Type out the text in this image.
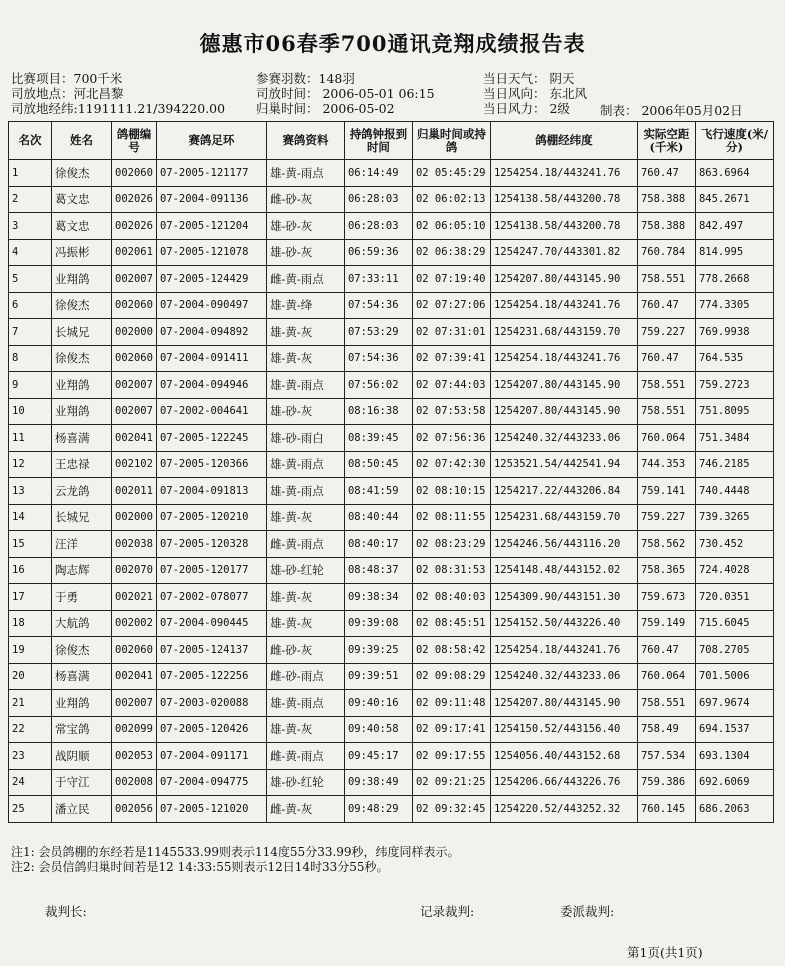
德惠市06春季700通讯竞翔成绩报告表
比赛项目：700千米
司放地点：河北昌黎
司放地经纬:1191111.21/394220.00
参赛羽数：148羽
司放时间： 2006-05-01 06:15
归巢时间： 2006-05-02
当日天气： 阴天
当日风向： 东北风
当日风力： 2级	制表： 2006年05月02日
名次	姓名	鸽棚编号	赛鸽足环	赛鸽资料	持鸽钟报到时间	归巢时间或持鸽	鸽棚经纬度	实际空距(千米)	飞行速度(米/分)
1	徐俊杰	002060	07-2005-121177	雄-黄-雨点	06:14:49	02 05:45:29	1254254.18/443241.76	760.47	863.6964
2	葛文忠	002026	07-2004-091136	雌-砂-灰	06:28:03	02 06:02:13	1254138.58/443200.78	758.388	845.2671
3	葛文忠	002026	07-2005-121204	雄-砂-灰	06:28:03	02 06:05:10	1254138.58/443200.78	758.388	842.497
4	冯振彬	002061	07-2005-121078	雄-砂-灰	06:59:36	02 06:38:29	1254247.70/443301.82	760.784	814.995
5	业翔鸽	002007	07-2005-124429	雌-黄-雨点	07:33:11	02 07:19:40	1254207.80/443145.90	758.551	778.2668
6	徐俊杰	002060	07-2004-090497	雄-黄-绛	07:54:36	02 07:27:06	1254254.18/443241.76	760.47	774.3305
7	长城兄	002000	07-2004-094892	雄-黄-灰	07:53:29	02 07:31:01	1254231.68/443159.70	759.227	769.9938
8	徐俊杰	002060	07-2004-091411	雄-黄-灰	07:54:36	02 07:39:41	1254254.18/443241.76	760.47	764.535
9	业翔鸽	002007	07-2004-094946	雄-黄-雨点	07:56:02	02 07:44:03	1254207.80/443145.90	758.551	759.2723
10	业翔鸽	002007	07-2002-004641	雄-砂-灰	08:16:38	02 07:53:58	1254207.80/443145.90	758.551	751.8095
11	杨喜满	002041	07-2005-122245	雄-砂-雨白	08:39:45	02 07:56:36	1254240.32/443233.06	760.064	751.3484
12	王忠禄	002102	07-2005-120366	雄-黄-雨点	08:50:45	02 07:42:30	1253521.54/442541.94	744.353	746.2185
13	云龙鸽	002011	07-2004-091813	雄-黄-雨点	08:41:59	02 08:10:15	1254217.22/443206.84	759.141	740.4448
14	长城兄	002000	07-2005-120210	雄-黄-灰	08:40:44	02 08:11:55	1254231.68/443159.70	759.227	739.3265
15	汪洋	002038	07-2005-120328	雌-黄-雨点	08:40:17	02 08:23:29	1254246.56/443116.20	758.562	730.452
16	陶志辉	002070	07-2005-120177	雄-砂-红轮	08:48:37	02 08:31:53	1254148.48/443152.02	758.365	724.4028
17	于勇	002021	07-2002-078077	雄-黄-灰	09:38:34	02 08:40:03	1254309.90/443151.30	759.673	720.0351
18	大航鸽	002002	07-2004-090445	雄-黄-灰	09:39:08	02 08:45:51	1254152.50/443226.40	759.149	715.6045
19	徐俊杰	002060	07-2005-124137	雌-砂-灰	09:39:25	02 08:58:42	1254254.18/443241.76	760.47	708.2705
20	杨喜满	002041	07-2005-122256	雌-砂-雨点	09:39:51	02 09:08:29	1254240.32/443233.06	760.064	701.5006
21	业翔鸽	002007	07-2003-020088	雄-黄-雨点	09:40:16	02 09:11:48	1254207.80/443145.90	758.551	697.9674
22	常宝鸽	002099	07-2005-120426	雄-黄-灰	09:40:58	02 09:17:41	1254150.52/443156.40	758.49	694.1537
23	战阴顺	002053	07-2004-091171	雌-黄-雨点	09:45:17	02 09:17:55	1254056.40/443152.68	757.534	693.1304
24	于守江	002008	07-2004-094775	雄-砂-红轮	09:38:49	02 09:21:25	1254206.66/443226.76	759.386	692.6069
25	潘立民	002056	07-2005-121020	雌-黄-灰	09:48:29	02 09:32:45	1254220.52/443252.32	760.145	686.2063
注1: 会员鸽棚的东经若是1145533.99则表示114度55分33.99秒，纬度同样表示。
注2: 会员信鸽归巢时间若是12 14:33:55则表示12日14时33分55秒。
裁判长:	记录裁判:	委派裁判:
第1页(共1页)
